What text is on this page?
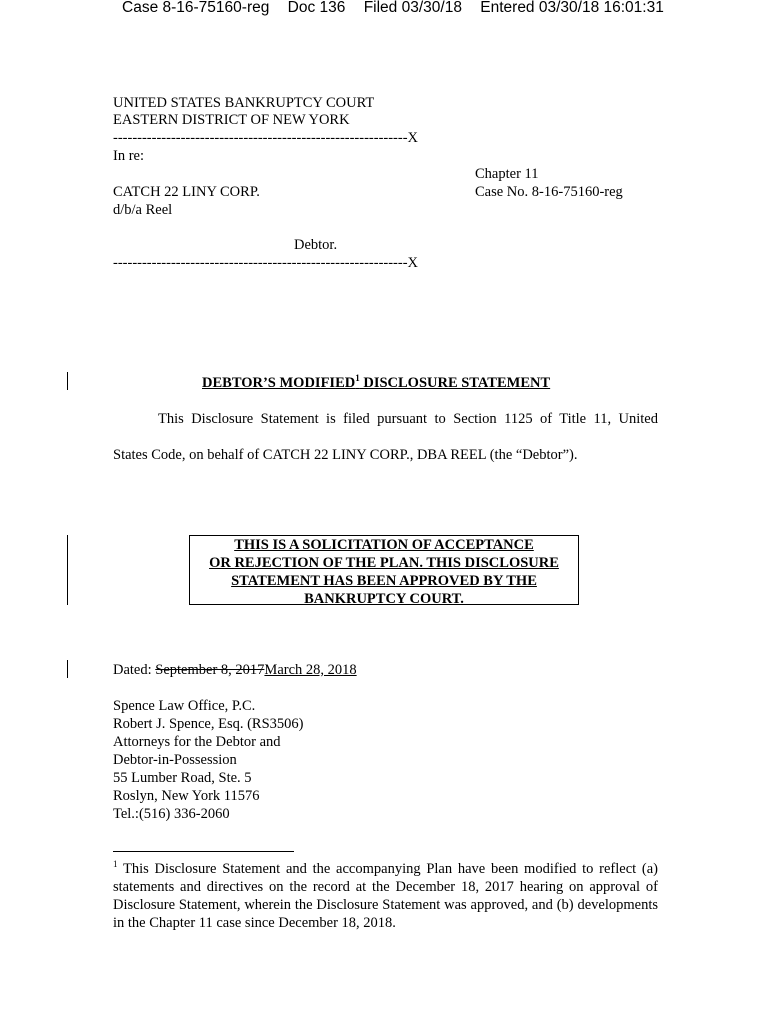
Case 8-16-75160-reg Doc 136 Filed 03/30/18 Entered 03/30/18 16:01:31
UNITED STATES BANKRUPTCY COURT
EASTERN DISTRICT OF NEW YORK
-------------------------------------------------------------X
In re:
Chapter 11
CATCH 22 LINY CORP.	Case No. 8-16-75160-reg
d/b/a Reel
Debtor.
-------------------------------------------------------------X
DEBTOR’S MODIFIED$^1$ DISCLOSURE STATEMENT
This Disclosure Statement is filed pursuant to Section 1125 of Title 11, United
States Code, on behalf of CATCH 22 LINY CORP., DBA REEL (the “Debtor”).
THIS IS A SOLICITATION OF ACCEPTANCE
OR REJECTION OF THE PLAN. THIS DISCLOSURE
STATEMENT HAS BEEN APPROVED BY THE
BANKRUPTCY COURT.
Dated: September 8, 2017March 28, 2018
Spence Law Office, P.C.
Robert J. Spence, Esq. (RS3506)
Attorneys for the Debtor and
Debtor-in-Possession
55 Lumber Road, Ste. 5
Roslyn, New York 11576
Tel.:(516) 336-2060
$^1$ This Disclosure Statement and the accompanying Plan have been modified to reflect (a) statements and directives on the record at the December 18, 2017 hearing on approval of Disclosure Statement, wherein the Disclosure Statement was approved, and (b) developments in the Chapter 11 case since December 18, 2018.
